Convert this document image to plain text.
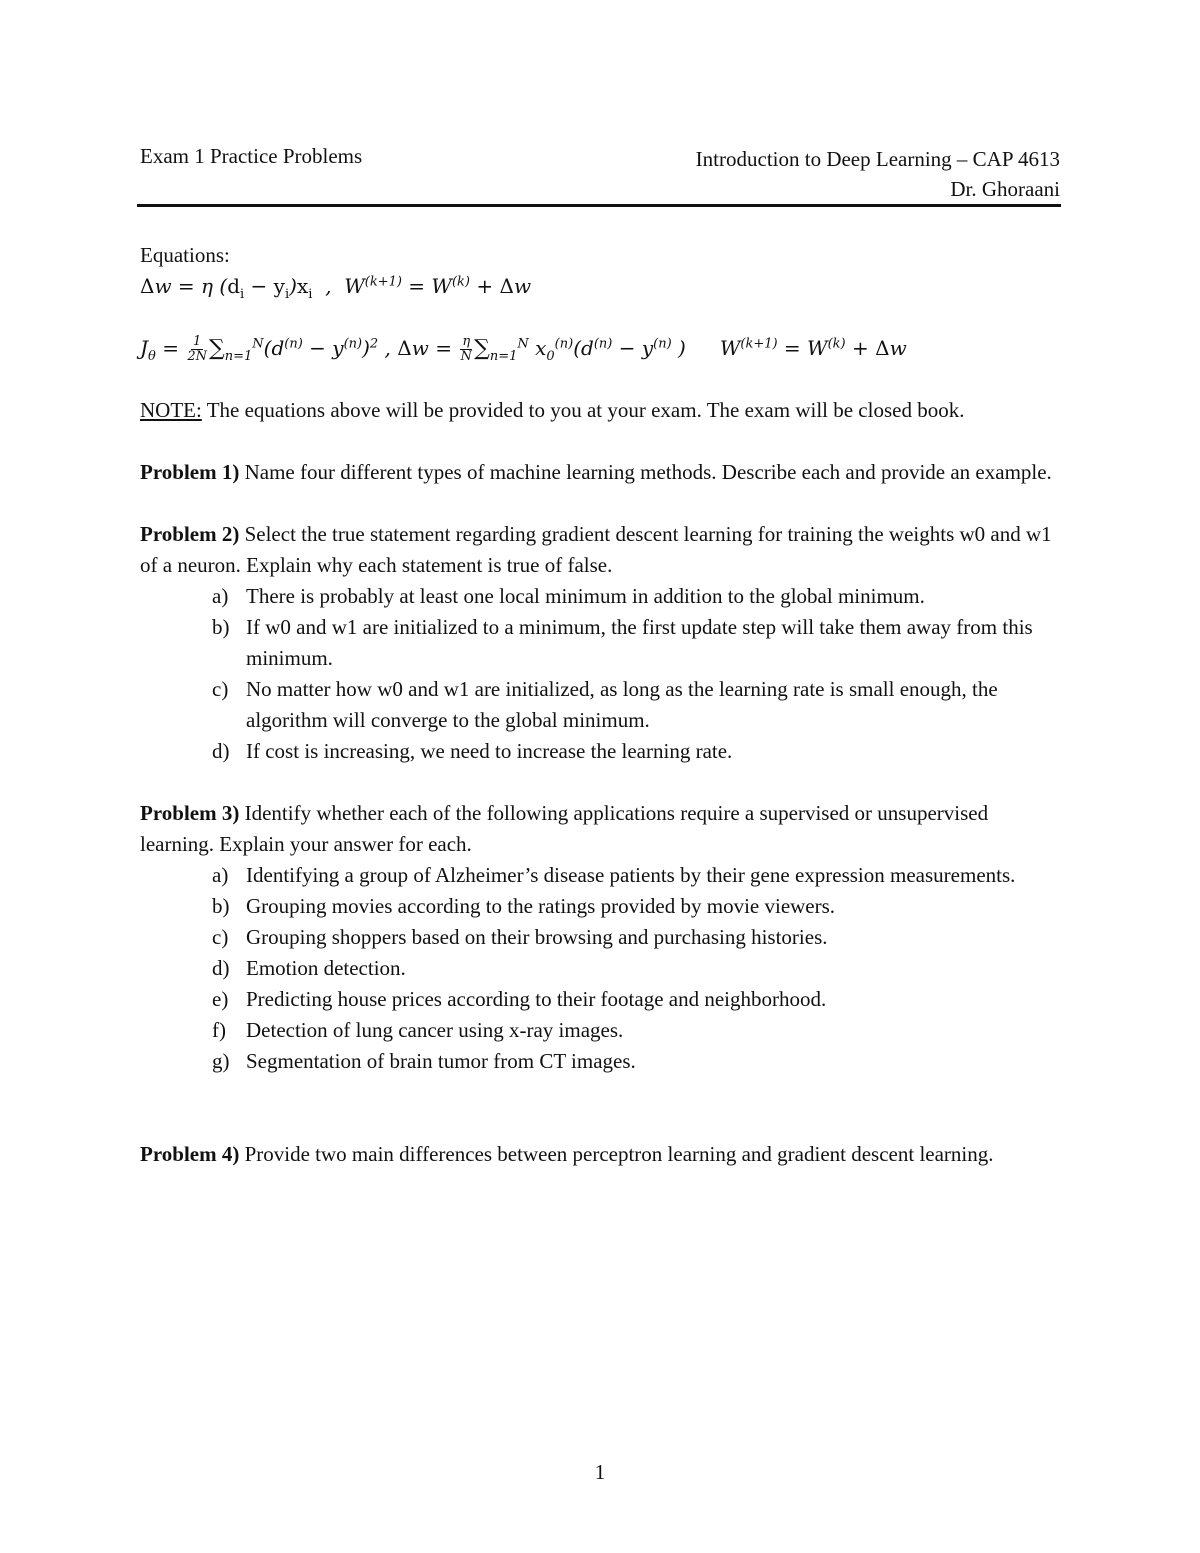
Exam 1 Practice Problems	Introduction to Deep Learning – CAP 4613
Dr. Ghoraani

Equations:

Δw = η $(d_i - y_i)x_i$  ,  $W^{(k+1)} = W^{(k)} + \Delta w$

$J_\theta = \frac{1}{2N} \sum_{n=1}^N(d^{(n)} - y^{(n)})^2$ , $\Delta w = \frac{\eta}{N} \sum_{n=1}^N$ $x_0^{(n)}(d^{(n)} - y^{(n)}$ ) $W^{(k+1)} = W^{(k)} + \Delta w$

NOTE: The equations above will be provided to you at your exam. The exam will be closed book.

Problem 1) Name four different types of machine learning methods. Describe each and provide an example.

Problem 2) Select the true statement regarding gradient descent learning for training the weights w0 and w1 of a neuron. Explain why each statement is true of false.

a) There is probably at least one local minimum in addition to the global minimum.
b) If w0 and w1 are initialized to a minimum, the first update step will take them away from this minimum.
c) No matter how w0 and w1 are initialized, as long as the learning rate is small enough, the algorithm will converge to the global minimum.
d) If cost is increasing, we need to increase the learning rate.

Problem 3) Identify whether each of the following applications require a supervised or unsupervised learning. Explain your answer for each.

a) Identifying a group of Alzheimer’s disease patients by their gene expression measurements.
b) Grouping movies according to the ratings provided by movie viewers.
c) Grouping shoppers based on their browsing and purchasing histories.
d) Emotion detection.
e) Predicting house prices according to their footage and neighborhood.
f) Detection of lung cancer using x-ray images.
g) Segmentation of brain tumor from CT images.

Problem 4) Provide two main differences between perceptron learning and gradient descent learning.

1
